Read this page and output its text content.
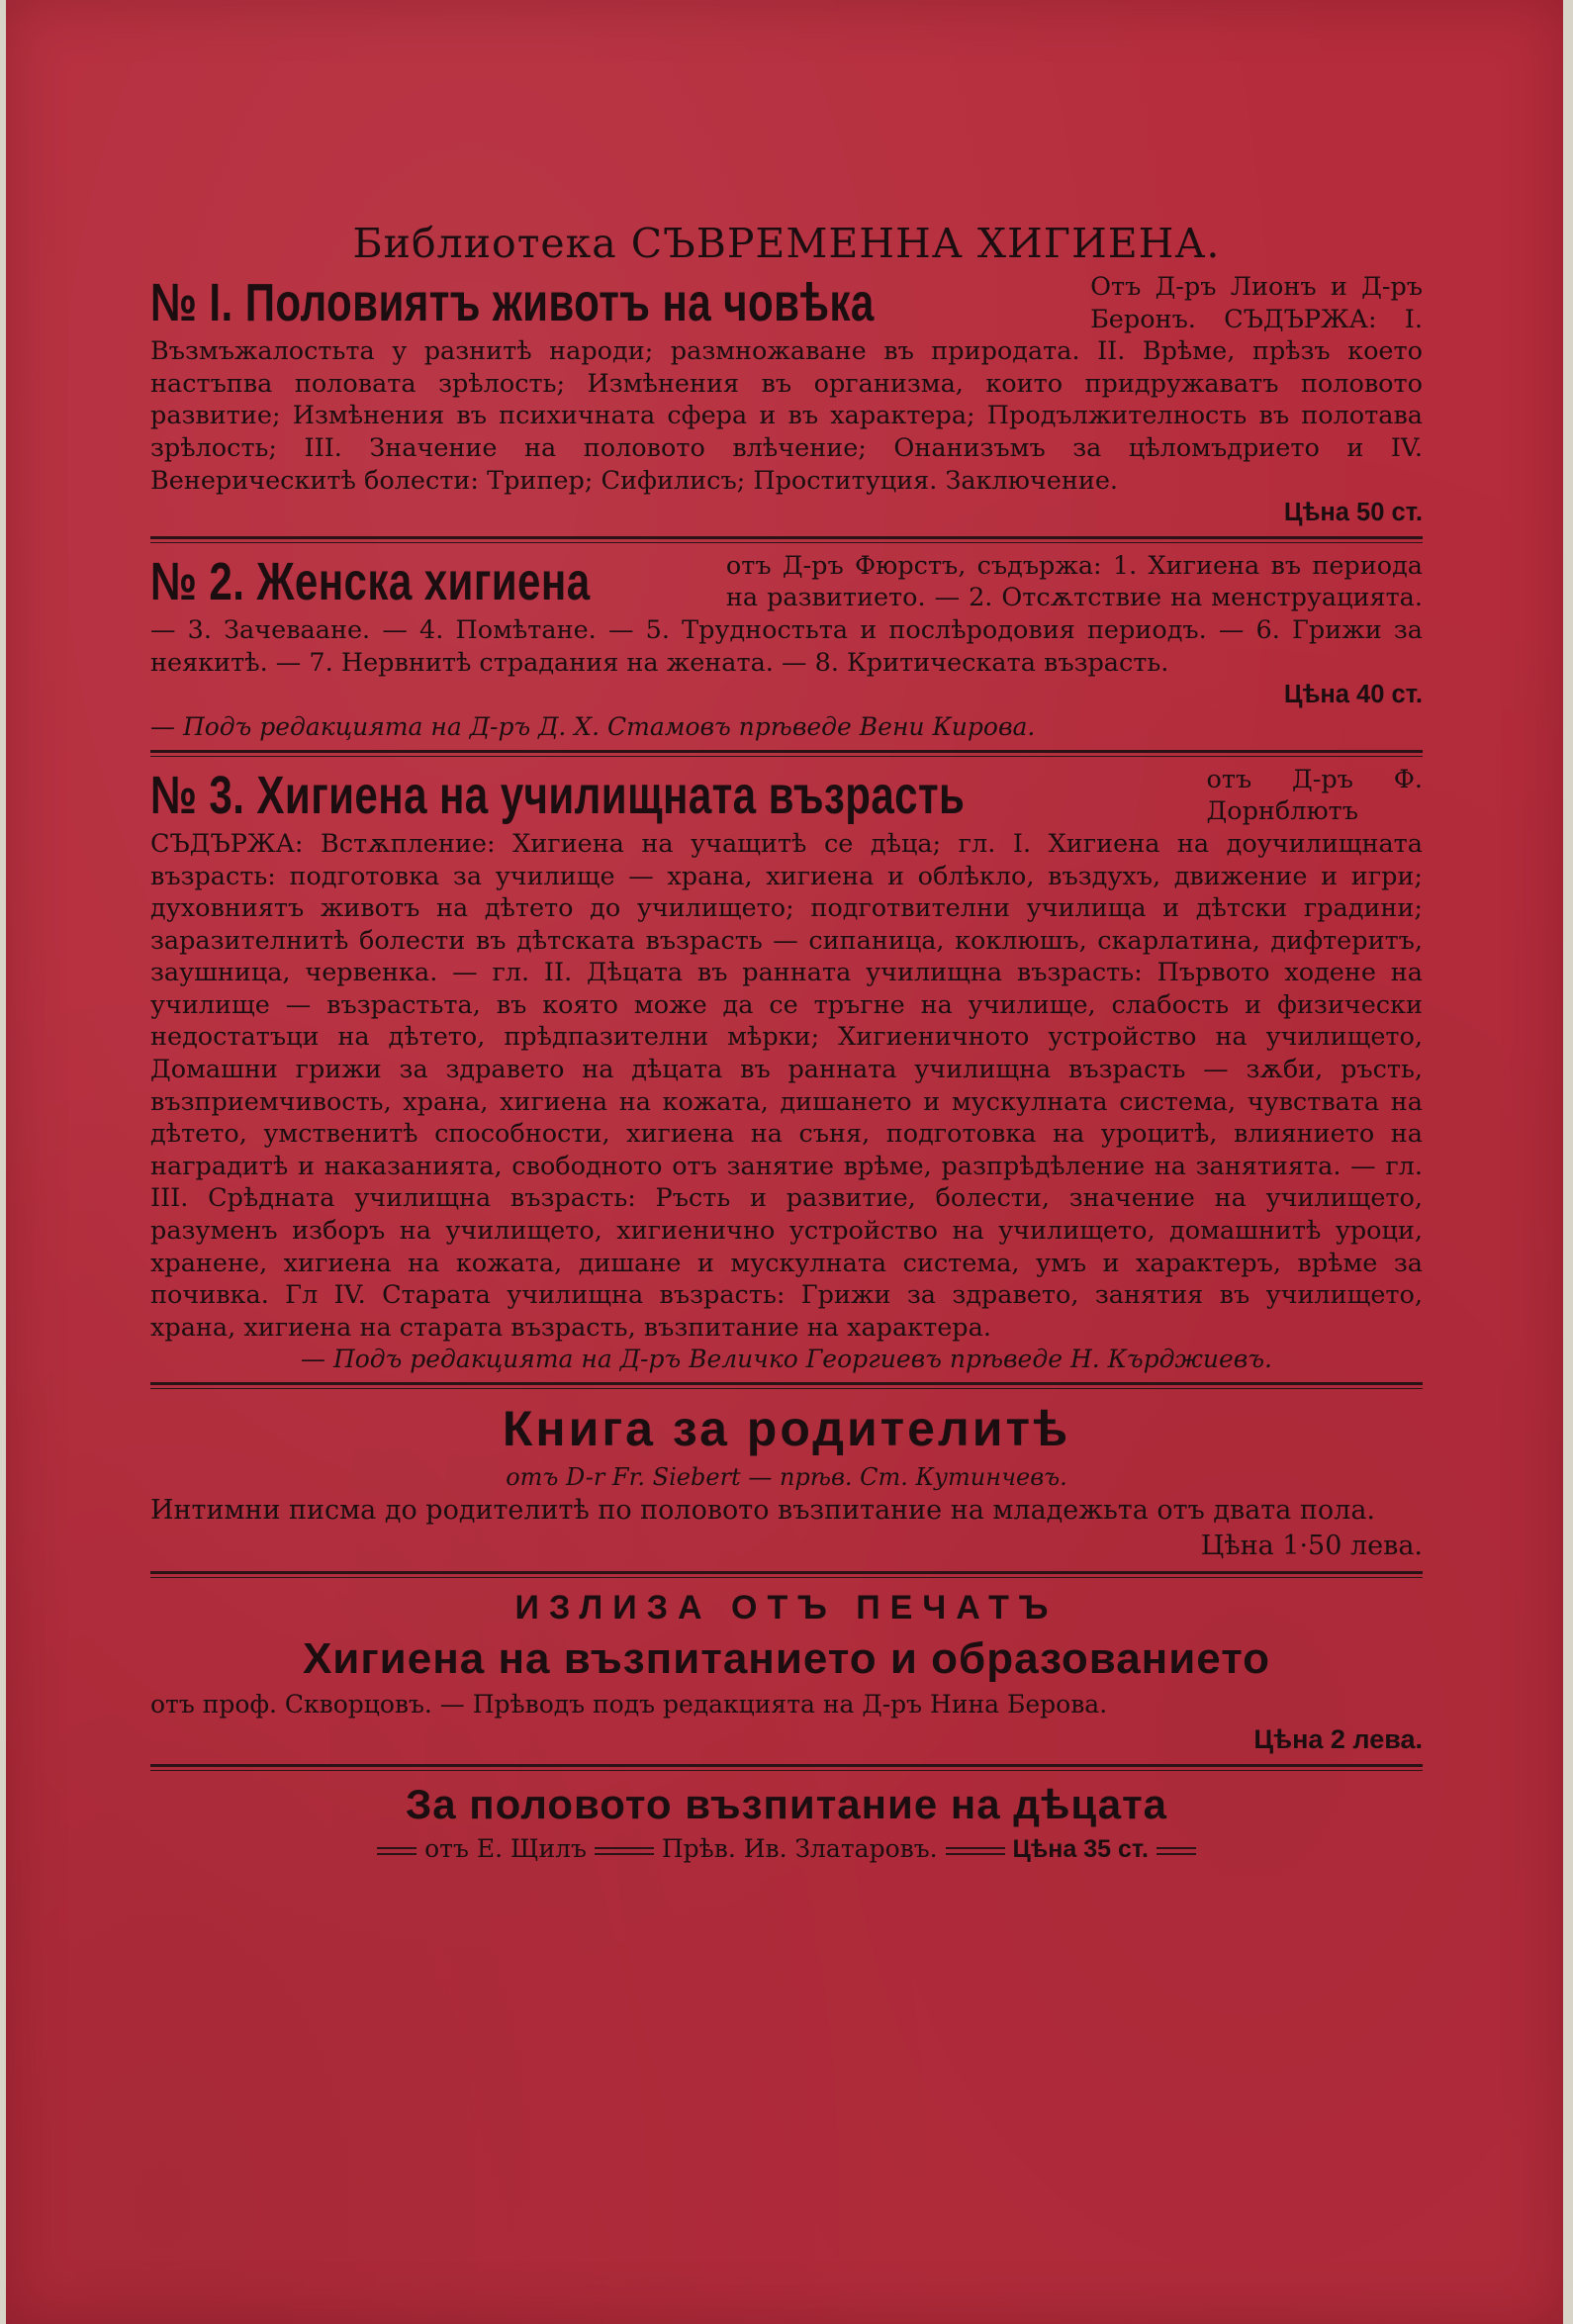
Библиотека СЪВРЕМЕННА ХИГИЕНА.
№ I. Половиятъ животъ на човѣка	Отъ Д-ръ Лионъ и Д-ръ Беронъ. СЪДЪРЖА: I. Възмъжалостьта у разнитѣ народи; размножаване въ природата. II. Врѣме, прѣзъ което настъпва половата зрѣлость; Измѣнения въ организма, които придружаватъ половото развитие; Измѣнения въ психичната сфера и въ характера; Продължителность въ полотава зрѣлость; III. Значение на половото влѣчение; Онанизъмъ за цѣломъдрието и IV. Венерическитѣ болести: Трипер; Сифилисъ; Проституция. Заключение.

Цѣна 50 ст.
№ 2. Женска хигиена	отъ Д-ръ Фюрстъ, съдържа: 1. Хигиена въ периода на развитието. — 2. Отсѫтствие на менструацията. — 3. Зачеваане. — 4. Помѣтане. — 5. Трудностьта и послѣродовия периодъ. — 6. Грижи за неякитѣ. — 7. Нервнитѣ страдания на жената. — 8. Критическата възрасть.

Цѣна 40 ст.
— Подъ редакцията на Д-ръ Д. Х. Стамовъ прѣведе Вени Кирова.
№ 3. Хигиена на училищната възрасть	отъ Д-ръ Ф. Дорнблютъ СЪДЪРЖА: Встѫпление: Хигиена на учащитѣ се дѣца; гл. I. Хигиена на доучилищната възрасть: подготовка за училище — храна, хигиена и облѣкло, въздухъ, движение и игри; духовниятъ животъ на дѣтето до училището; подготвителни училища и дѣтски градини; заразителнитѣ болести въ дѣтската възрасть — сипаница, коклюшъ, скарлатина, дифтеритъ, заушница, червенка. — гл. II. Дѣцата въ ранната училищна възрасть: Първото ходене на училище — възрастьта, въ която може да се тръгне на училище, слабость и физически недостатъци на дѣтето, прѣдпазителни мѣрки; Хигиеничното устройство на училището, Домашни грижи за здравето на дѣцата въ ранната училищна възрасть — зѫби, ръсть, възприемчивость, храна, хигиена на кожата, дишането и мускулната система, чувствата на дѣтето, умственитѣ способности, хигиена на съня, подготовка на уроцитѣ, влиянието на наградитѣ и наказанията, свободното отъ занятие врѣме, разпрѣдѣление на занятията. — гл. III. Срѣдната училищна възрасть: Ръсть и развитие, болести, значение на училището, разуменъ изборъ на училището, хигиенично устройство на училището, домашнитѣ уроци, хранене, хигиена на кожата, дишане и мускулната система, умъ и характеръ, врѣме за почивка. Гл IV. Старата училищна възрасть: Грижи за здравето, занятия въ училището, храна, хигиена на старата възрасть, възпитание на характера.

— Подъ редакцията на Д-ръ Величко Георгиевъ прѣведе Н. Кърджиевъ.
Книга за родителитѣ
отъ D-r Fr. Siebert — прѣв. Ст. Кутинчевъ.
Интимни писма до родителитѣ по половото възпитание на младежьта отъ двата пола.
Цѣна 1·50 лева.
ИЗЛИЗА ОТЪ ПЕЧАТЪ
Хигиена на възпитанието и образованието
отъ проф. Скворцовъ. — Прѣводъ подъ редакцията на Д-ръ Нина Берова.
Цѣна 2 лева.
За половото възпитание на дѣцата
отъ Е. Щилъ	Прѣв. Ив. Златаровъ.	Цѣна 35 ст.
